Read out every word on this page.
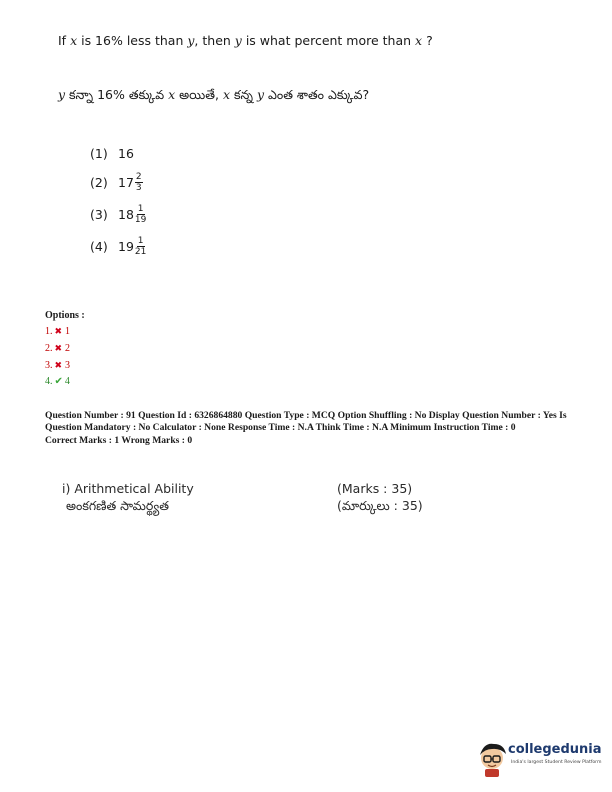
If x is 16% less than y, then y is what percent more than x ?
y కన్నా 16% తక్కువ x అయితే, x కన్న y ఎంత శాతం ఎక్కువ?
(1) 16
(2) $17 \frac{2}{3}$
(3) $18 \frac{1}{19}$
(4) $19 \frac{1}{21}$
Options :
1. ✖ 1
2. ✖ 2
3. ✖ 3
4. ✔ 4
Question Number : 91 Question Id : 6326864880 Question Type : MCQ Option Shuffling : No Display Question Number : Yes Is Question Mandatory : No Calculator : None Response Time : N.A Think Time : N.A Minimum Instruction Time : 0
Correct Marks : 1 Wrong Marks : 0
i) Arithmetical Ability
అంకగణిత సామర్థ్యత
(Marks : 35)
(మార్కులు : 35)
collegedunia
India's largest Student Review Platform
